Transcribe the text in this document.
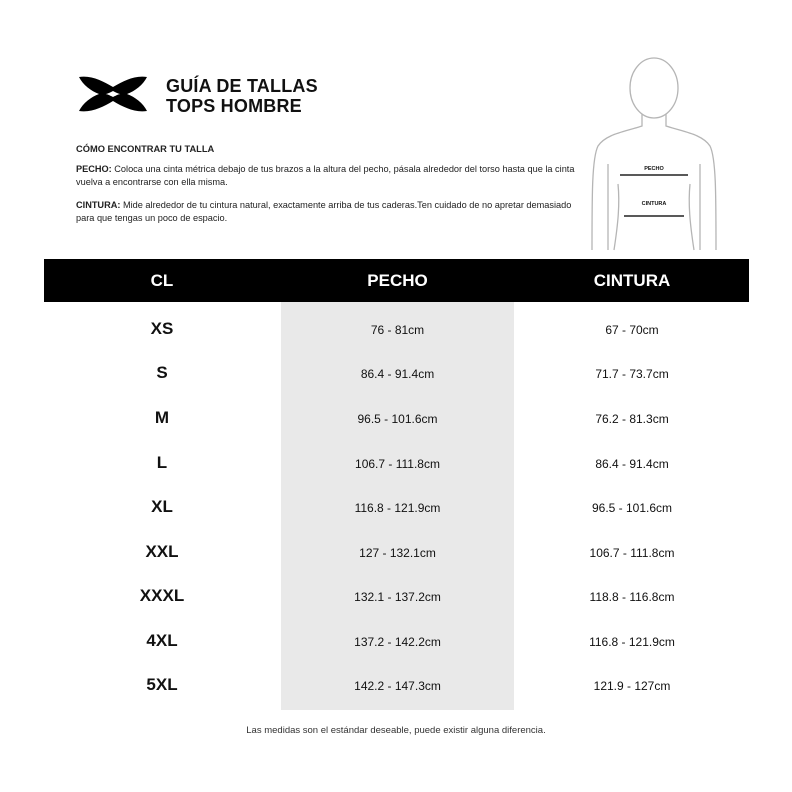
GUÍA DE TALLAS
TOPS HOMBRE
CÓMO ENCONTRAR TU TALLA

PECHO: Coloca una cinta métrica debajo de tus brazos a la altura del pecho, pásala alrededor del torso hasta que la cinta vuelva a encontrarse con ella misma.

CINTURA: Mide alrededor de tu cintura natural, exactamente arriba de tus caderas.Ten cuidado de no apretar demasiado para que tengas un poco de espacio.

PECHO
CINTURA
CL	PECHO	CINTURA
XS	76 - 81cm	67 - 70cm
S	86.4 - 91.4cm	71.7 - 73.7cm
M	96.5 - 101.6cm	76.2 - 81.3cm
L	106.7 - 111.8cm	86.4 - 91.4cm
XL	116.8 - 121.9cm	96.5 - 101.6cm
XXL	127 - 132.1cm	106.7 - 111.8cm
XXXL	132.1 - 137.2cm	118.8 - 116.8cm
4XL	137.2 - 142.2cm	116.8 - 121.9cm
5XL	142.2 - 147.3cm	121.9 - 127cm
Las medidas son el estándar deseable, puede existir alguna diferencia.
